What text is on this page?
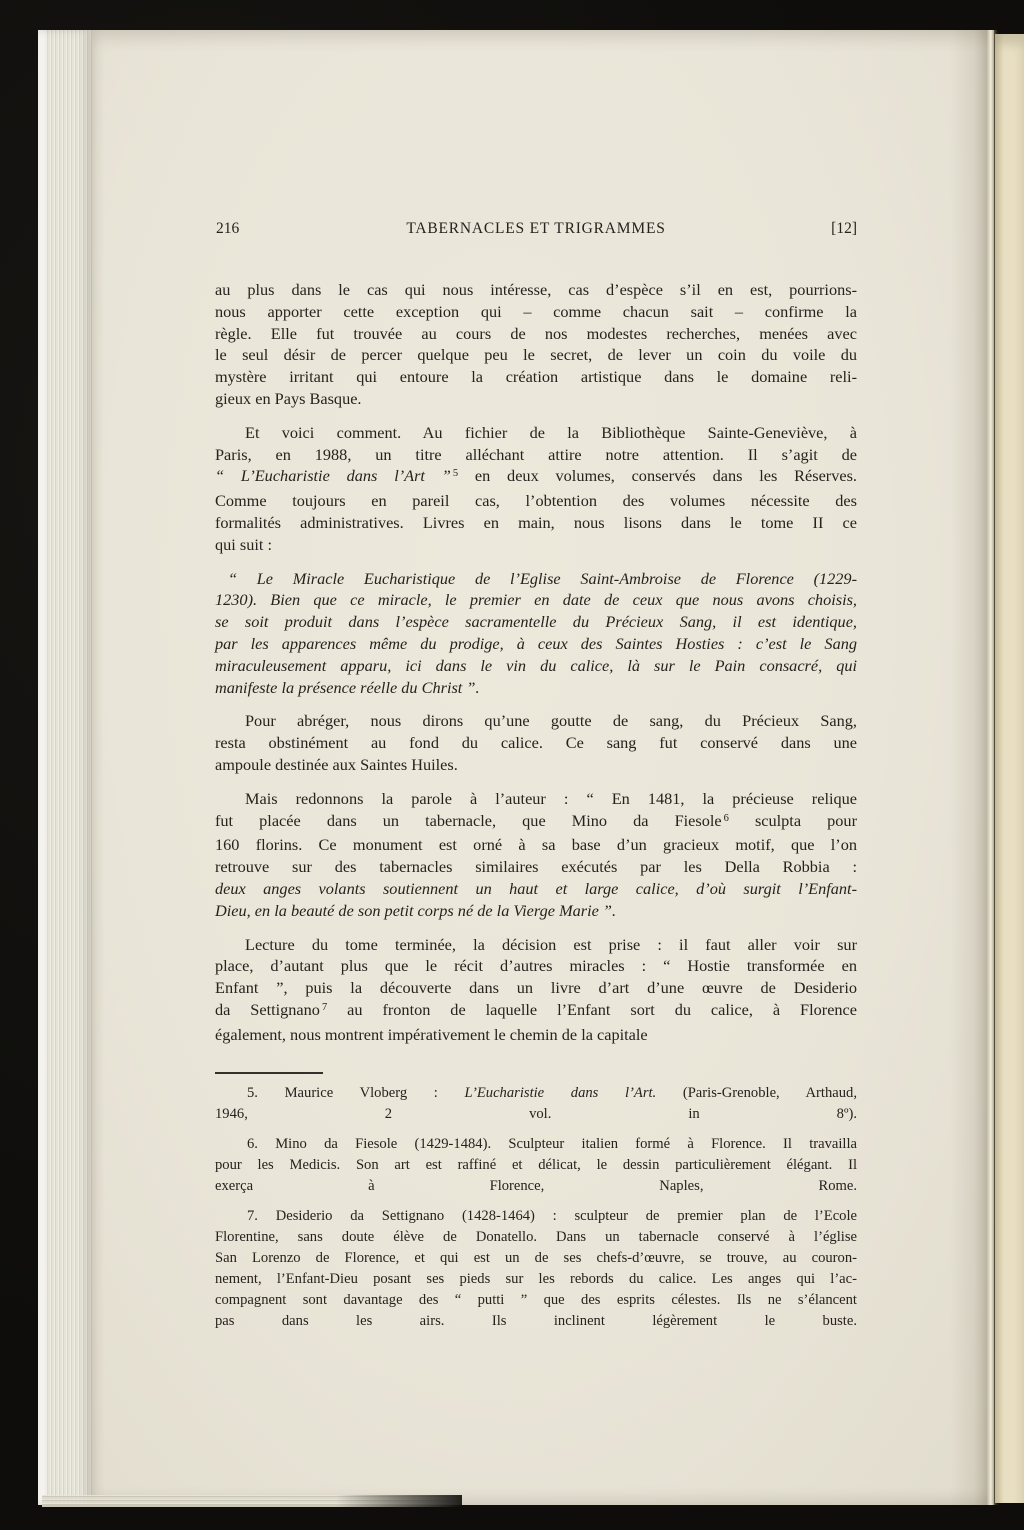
216	TABERNACLES ET TRIGRAMMES	[12]
au plus dans le cas qui nous intéresse, cas d’espèce s’il en est, pourrions-
nous apporter cette exception qui – comme chacun sait – confirme la
règle. Elle fut trouvée au cours de nos modestes recherches, menées avec
le seul désir de percer quelque peu le secret, de lever un coin du voile du
mystère irritant qui entoure la création artistique dans le domaine reli-
gieux en Pays Basque.
Et voici comment. Au fichier de la Bibliothèque Sainte-Geneviève, à
Paris, en 1988, un titre alléchant attire notre attention. Il s’agit de
“ L’Eucharistie dans l’Art ” $^5$ en deux volumes, conservés dans les Réserves.
Comme toujours en pareil cas, l’obtention des volumes nécessite des
formalités administratives. Livres en main, nous lisons dans le tome II ce
qui suit :
“ Le Miracle Eucharistique de l’Eglise Saint-Ambroise de Florence (1229-
1230). Bien que ce miracle, le premier en date de ceux que nous avons choisis,
se soit produit dans l’espèce sacramentelle du Précieux Sang, il est identique,
par les apparences même du prodige, à ceux des Saintes Hosties : c’est le Sang
miraculeusement apparu, ici dans le vin du calice, là sur le Pain consacré, qui
manifeste la présence réelle du Christ ”.
Pour abréger, nous dirons qu’une goutte de sang, du Précieux Sang,
resta obstinément au fond du calice. Ce sang fut conservé dans une
ampoule destinée aux Saintes Huiles.
Mais redonnons la parole à l’auteur : “ En 1481, la précieuse relique
fut placée dans un tabernacle, que Mino da Fiesole $^6$ sculpta pour
160 florins. Ce monument est orné à sa base d’un gracieux motif, que l’on
retrouve sur des tabernacles similaires exécutés par les Della Robbia :
deux anges volants soutiennent un haut et large calice, d’où surgit l’Enfant-
Dieu, en la beauté de son petit corps né de la Vierge Marie ”.
Lecture du tome terminée, la décision est prise : il faut aller voir sur
place, d’autant plus que le récit d’autres miracles : “ Hostie transformée en
Enfant ”, puis la découverte dans un livre d’art d’une œuvre de Desiderio
da Settignano $^7$ au fronton de laquelle l’Enfant sort du calice, à Florence
également, nous montrent impérativement le chemin de la capitale
5. Maurice Vloberg : L’Eucharistie dans l’Art. (Paris-Grenoble, Arthaud,
1946, 2 vol. in 8º).
6. Mino da Fiesole (1429-1484). Sculpteur italien formé à Florence. Il travailla
pour les Medicis. Son art est raffiné et délicat, le dessin particulièrement élégant. Il
exerça à Florence, Naples, Rome.
7. Desiderio da Settignano (1428-1464) : sculpteur de premier plan de l’Ecole
Florentine, sans doute élève de Donatello. Dans un tabernacle conservé à l’église
San Lorenzo de Florence, et qui est un de ses chefs-d’œuvre, se trouve, au couron-
nement, l’Enfant-Dieu posant ses pieds sur les rebords du calice. Les anges qui l’ac-
compagnent sont davantage des “ putti ” que des esprits célestes. Ils ne s’élancent
pas dans les airs. Ils inclinent légèrement le buste.
